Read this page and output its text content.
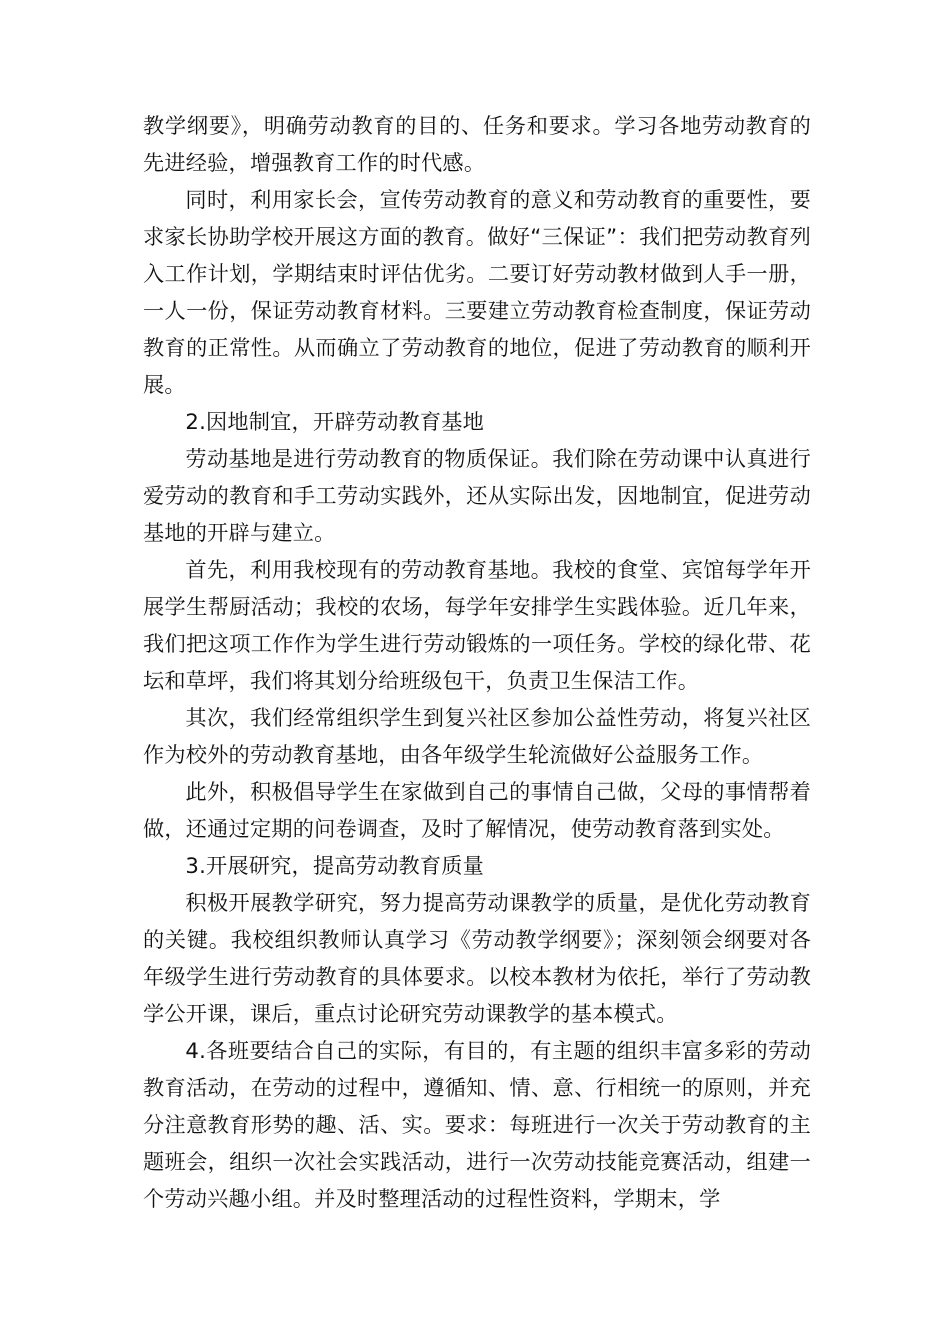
教学纲要》，明确劳动教育的目的、任务和要求。学习各地劳动教育的先进经验，增强教育工作的时代感。

同时，利用家长会，宣传劳动教育的意义和劳动教育的重要性，要求家长协助学校开展这方面的教育。做好“三保证”：我们把劳动教育列入工作计划，学期结束时评估优劣。二要订好劳动教材做到人手一册，一人一份，保证劳动教育材料。三要建立劳动教育检查制度，保证劳动教育的正常性。从而确立了劳动教育的地位，促进了劳动教育的顺利开展。

2.因地制宜，开辟劳动教育基地

劳动基地是进行劳动教育的物质保证。我们除在劳动课中认真进行爱劳动的教育和手工劳动实践外，还从实际出发，因地制宜，促进劳动基地的开辟与建立。

首先，利用我校现有的劳动教育基地。我校的食堂、宾馆每学年开展学生帮厨活动；我校的农场，每学年安排学生实践体验。近几年来，我们把这项工作作为学生进行劳动锻炼的一项任务。学校的绿化带、花坛和草坪，我们将其划分给班级包干，负责卫生保洁工作。

其次，我们经常组织学生到复兴社区参加公益性劳动，将复兴社区作为校外的劳动教育基地，由各年级学生轮流做好公益服务工作。

此外，积极倡导学生在家做到自己的事情自己做，父母的事情帮着做，还通过定期的问卷调查，及时了解情况，使劳动教育落到实处。

3.开展研究，提高劳动教育质量

积极开展教学研究，努力提高劳动课教学的质量，是优化劳动教育的关键。我校组织教师认真学习《劳动教学纲要》；深刻领会纲要对各年级学生进行劳动教育的具体要求。以校本教材为依托，举行了劳动教学公开课，课后，重点讨论研究劳动课教学的基本模式。

4.各班要结合自己的实际，有目的，有主题的组织丰富多彩的劳动教育活动，在劳动的过程中，遵循知、情、意、行相统一的原则，并充分注意教育形势的趣、活、实。要求：每班进行一次关于劳动教育的主题班会，组织一次社会实践活动，进行一次劳动技能竞赛活动，组建一个劳动兴趣小组。并及时整理活动的过程性资料，学期末，学
